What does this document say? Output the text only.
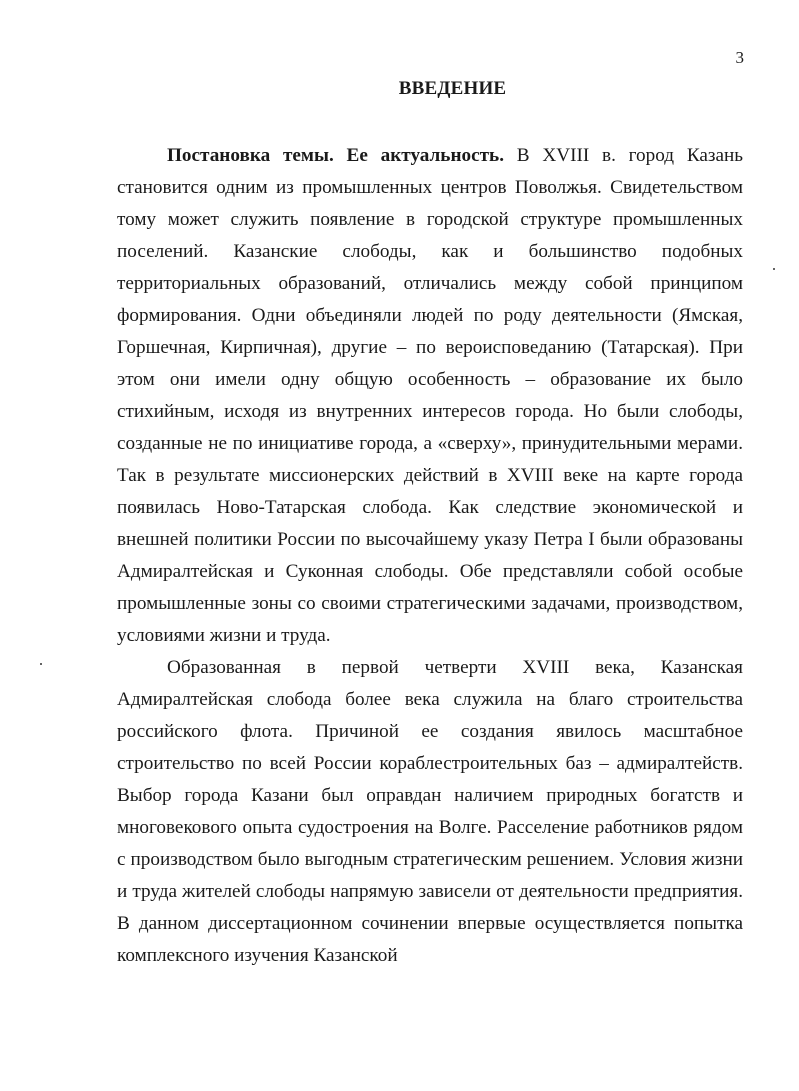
3
ВВЕДЕНИЕ

Постановка темы. Ее актуальность. В XVIII в. город Казань становится одним из промышленных центров Поволжья. Свидетельством тому может служить появление в городской структуре промышленных поселений. Казанские слободы, как и большинство подобных территориальных образований, отличались между собой принципом формирования. Одни объединяли людей по роду деятельности (Ямская, Горшечная, Кирпичная), другие – по вероисповеданию (Татарская). При этом они имели одну общую особенность – образование их было стихийным, исходя из внутренних интересов города. Но были слободы, созданные не по инициативе города, а «сверху», принудительными мерами. Так в результате миссионерских действий в XVIII веке на карте города появилась Ново-Татарская слобода. Как следствие экономической и внешней политики России по высочайшему указу Петра I были образованы Адмиралтейская и Суконная слободы. Обе представляли собой особые промышленные зоны со своими стратегическими задачами, производством, условиями жизни и труда.

Образованная в первой четверти XVIII века, Казанская Адмиралтейская слобода более века служила на благо строительства российского флота. Причиной ее создания явилось масштабное строительство по всей России кораблестроительных баз – адмиралтейств. Выбор города Казани был оправдан наличием природных богатств и многовекового опыта судостроения на Волге. Расселение работников рядом с производством было выгодным стратегическим решением. Условия жизни и труда жителей слободы напрямую зависели от деятельности предприятия. В данном диссертационном сочинении впервые осуществляется попытка комплексного изучения Казанской
